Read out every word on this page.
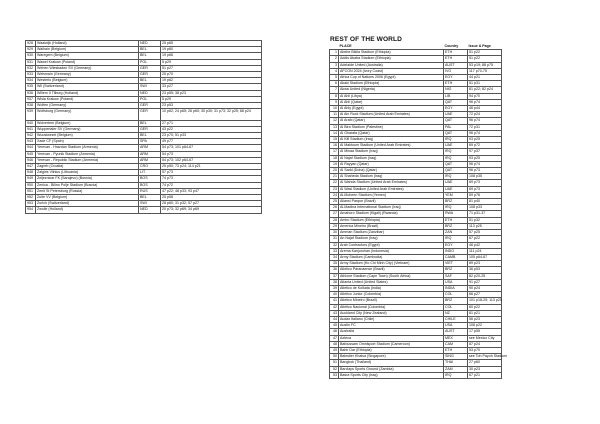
928	Waalwijk (Holland)	NED	25 p65
929	Walhain (Belgium)	BEL	19 p80
930	Waregem (Belgium)	BEL	19 p66
931	Wawel Krakow (Poland)	POL	5 p29
932	Wehen Wiesbaden SV (Germany)	GER	51 p27
933	Weismain (Germany)	GER	25 p70
934	Westerlo (Belgium)	BEL	19 p62
935	Wil (Switzerland)	SWI	33 p27
936	Willem II Tilburg (Holland)	NED	23 p55; 38 p23
937	Wisla Krakow (Poland)	POL	5 p29
938	Wolfen (Germany)	GER	23 p53
939	Wolfsburg (Germany)	GER	10 p62; 24 p65; 26 p60; 30 p30; 31 p73; 32 p25; 68 p24
940	Wolvertem (Belgium)	BEL	27 p71
941	Wuppertaler SV (Germany)	GER	43 p22
942	Wuustwezel (Belgium)	BEL	23 p70; 51 p33
943	Xade CF (Spain)	SPA	49 p77
944	Yerevan - Hrazdan Stadium (Armenia)	ARM	54 p73; 101 p64-67
945	Yerevan - Pyunik Stadium (Armenia)	ARM	54 p73
946	Yerevan - Republic Stadium (Armenia)	ARM	54 p73; 102 p64-67
947	Zagreb (Croatia)	CRO	25 p50; 73 p24; 114 p21
948	Zalgiris Vilnius (Lithuania)	LIT	57 p73
949	Zeljeznicar FK (Sarajevo) (Bosnia)	BOS	74 p73
950	Zenica - Bilino Polje Stadium (Bosnia)	BOS	74 p72
951	Zenit St Petersburg (Russia)	RUS	47 p22; 48 p33; 93 p47
952	Zulte VV (Belgium)	BEL	25 p58
953	Zurich (Switzerland)	SWI	28 p60; 31 p32; 57 p27
954	Zwolle (Holland)	NED	20 p73; 32 p69; 34 p69
REST OF THE WORLD
	PLACE	Country	Issue & Page
1	Abebe Bikila Stadium (Ethiopia)	ETH	51 p22
2	Addis Ababa Stadium (Ethiopia)	ETH	51 p22
3	Adelaide United (Australia)	AUST	53 p19; 88 p75
4	AFCON 2024 (Ivory Coast)	IVO	117 p70-75
5	Africa Cup of Nations 2006 (Egypt)	EGY	44 p21
6	Akaki Stadium (Ethiopia)	ETH	51 p31
7	Akwa United (Nigeria)	NIG	81 p22; 82 p24
8	Al Ahli (Libya)	LIB	94 p70
9	Al Ahli (Qatar)	QAT	96 p74
10	Al Ahly (Egypt)	EGY	46 p44
11	Al Ain Rock Stadium (United Arab Emirates)	UAE	72 p24
12	Al Arabi (Qatar)	QAT	96 p74
13	Al Bira Stadium (Palestine)	PAL	72 p31
14	Al Gharafa (Qatar)	QAT	96 p74
15	Al Kifl Stadium (Iraq)	IRQ	93 p25
16	Al Maktoum Stadium (United Arab Emirates)	UAE	69 p72
17	Al Minaa Stadium (Iraq)	IRQ	97 p37
18	Al Najaf Stadium (Iraq)	IRQ	93 p25
19	Al Rayyan (Qatar)	QAT	96 p74
20	Al Sadd (Doha) (Qatar)	QAT	96 p73
21	Al Shaheda Stadium (Iraq)	IRQ	108 p35
22	Al Wahda Stadium (United Arab Emirates)	UAE	69 p73
23	Al Wasl Stadium (United Arab Emirates)	UAE	69 p73
24	Al-Moheen Stadium (Yemen)	YEM	59 p76
25	Aliansi Parque (Brazil)	BRZ	81 p40
26	Al-Madina International Stadium (Iraq)	IRQ	108 p33
27	Amahoro Stadium (Kigali) (Rwanda)	RWA	71 p31-37
28	Ambo Stadium (Ethiopia)	ETH	51 p32
29	America Mineiro (Brazil)	BRZ	113 p25
30	Amman Stadium (Zanzibar)	ZAN	57 p25
31	An Najaf Stadium (Iraq)	IRQ	67 p22
32	Arab Contractors (Egypt)	EGY	46 p42
33	Arema Kanjuruhan (Indonesia)	INDO	111 p24
34	Army Stadium (Cambodia)	CAMB	105 p64-67
35	Army Stadium (Ho Chi Minh City) (Vietnam)	VIET	89 p23
36	Atletico Paranaense (Brazil)	BRZ	36 p53
37	Athlone Stadium (Cape Town) (South Africa)	SAF	82 p20-25
38	Atlanta United (United States)	USA	91 p27
39	Atletico de Kolkata (India)	INDIA	90 p24
40	Atletico Junior (Colombia)	COL	66 p27
41	Atletico Mineiro (Brazil)	BRZ	101 p18-25; 113 p25
42	Atletico Nacional (Colombia)	COL	60 p22
43	Auckland City (New Zealand)	NZ	81 p21
44	Audax Italiano (Chile)	CHILE	56 p23
45	Austin FC	USA	108 p22
46	Australia	AUST	17 p55
47	Azteca	MEX	see Mexico City
48	Bafoussam Omnisport Stadium (Cameroon)	CAM	87 p24
49	Bahir Dar (Ethiopia)	ETH	53 p70
50	Balestier Khalsa (Singapore)	SING	see Toh Payoh Stadium
51	Bangkok (Thailand)	THAI	27 p60
52	Barclays Sports Ground (Zambia)	ZAM	30 p23
53	Basra Sports City (Iraq)	IRQ	67 p21
